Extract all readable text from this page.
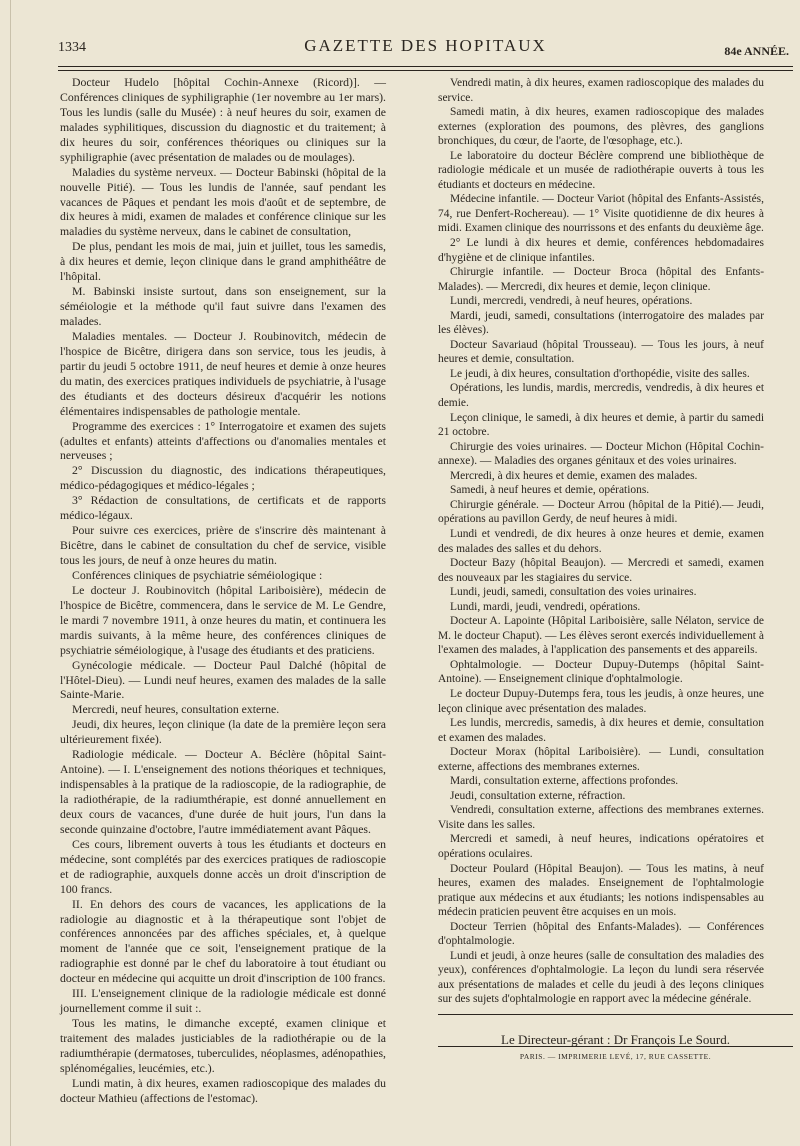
1334	GAZETTE DES HOPITAUX	84e ANNÉE.

Docteur Hudelo [hôpital Cochin-Annexe (Ricord)]. — Conférences cliniques de syphiligraphie (1er novembre au 1er mars). Tous les lundis (salle du Musée) : à neuf heures du soir, examen de malades syphilitiques, discussion du diagnostic et du traitement; à dix heures du soir, conférences théoriques ou cliniques sur la syphiligraphie (avec présentation de malades ou de moulages).

Maladies du système nerveux. — Docteur Babinski (hôpital de la nouvelle Pitié). — Tous les lundis de l'année, sauf pendant les vacances de Pâques et pendant les mois d'août et de septembre, de dix heures à midi, examen de malades et conférence clinique sur les maladies du système nerveux, dans le cabinet de consultation,

De plus, pendant les mois de mai, juin et juillet, tous les samedis, à dix heures et demie, leçon clinique dans le grand amphithéâtre de l'hôpital.

M. Babinski insiste surtout, dans son enseignement, sur la séméiologie et la méthode qu'il faut suivre dans l'examen des malades.

Maladies mentales. — Docteur J. Roubinovitch, médecin de l'hospice de Bicêtre, dirigera dans son service, tous les jeudis, à partir du jeudi 5 octobre 1911, de neuf heures et demie à onze heures du matin, des exercices pratiques individuels de psychiatrie, à l'usage des étudiants et des docteurs désireux d'acquérir les notions élémentaires indispensables de pathologie mentale.

Programme des exercices : 1° Interrogatoire et examen des sujets (adultes et enfants) atteints d'affections ou d'anomalies mentales et nerveuses ;

2° Discussion du diagnostic, des indications thérapeutiques, médico-pédagogiques et médico-légales ;

3° Rédaction de consultations, de certificats et de rapports médico-légaux.

Pour suivre ces exercices, prière de s'inscrire dès maintenant à Bicêtre, dans le cabinet de consultation du chef de service, visible tous les jours, de neuf à onze heures du matin.

Conférences cliniques de psychiatrie séméiologique :

Le docteur J. Roubinovitch (hôpital Lariboisière), médecin de l'hospice de Bicêtre, commencera, dans le service de M. Le Gendre, le mardi 7 novembre 1911, à onze heures du matin, et continuera les mardis suivants, à la même heure, des conférences cliniques de psychiatrie séméiologique, à l'usage des étudiants et des praticiens.

Gynécologie médicale. — Docteur Paul Dalché (hôpital de l'Hôtel-Dieu). — Lundi neuf heures, examen des malades de la salle Sainte-Marie.

Mercredi, neuf heures, consultation externe.

Jeudi, dix heures, leçon clinique (la date de la première leçon sera ultérieurement fixée).

Radiologie médicale. — Docteur A. Béclère (hôpital Saint-Antoine). — I. L'enseignement des notions théoriques et techniques, indispensables à la pratique de la radioscopie, de la radiographie, de la radiothérapie, de la radiumthérapie, est donné annuellement en deux cours de vacances, d'une durée de huit jours, l'un dans la seconde quinzaine d'octobre, l'autre immédiatement avant Pâques.

Ces cours, librement ouverts à tous les étudiants et docteurs en médecine, sont complétés par des exercices pratiques de radioscopie et de radiographie, auxquels donne accès un droit d'inscription de 100 francs.

II. En dehors des cours de vacances, les applications de la radiologie au diagnostic et à la thérapeutique sont l'objet de conférences annoncées par des affiches spéciales, et, à quelque moment de l'année que ce soit, l'enseignement pratique de la radiographie est donné par le chef du laboratoire à tout étudiant ou docteur en médecine qui acquitte un droit d'inscription de 100 francs.

III. L'enseignement clinique de la radiologie médicale est donné journellement comme il suit :.

Tous les matins, le dimanche excepté, examen clinique et traitement des malades justiciables de la radiothérapie ou de la radiumthérapie (dermatoses, tuberculides, néoplasmes, adénopathies, splénomégalies, leucémies, etc.).

Lundi matin, à dix heures, examen radioscopique des malades du docteur Mathieu (affections de l'estomac).

Vendredi matin, à dix heures, examen radioscopique des malades du service.

Samedi matin, à dix heures, examen radioscopique des malades externes (exploration des poumons, des plèvres, des ganglions bronchiques, du cœur, de l'aorte, de l'œsophage, etc.).

Le laboratoire du docteur Béclère comprend une bibliothèque de radiologie médicale et un musée de radiothérapie ouverts à tous les étudiants et docteurs en médecine.

Médecine infantile. — Docteur Variot (hôpital des Enfants-Assistés, 74, rue Denfert-Rochereau). — 1° Visite quotidienne de dix heures à midi. Examen clinique des nourrissons et des enfants du deuxième âge.

2° Le lundi à dix heures et demie, conférences hebdomadaires d'hygiène et de clinique infantiles.

Chirurgie infantile. — Docteur Broca (hôpital des Enfants-Malades). — Mercredi, dix heures et demie, leçon clinique.

Lundi, mercredi, vendredi, à neuf heures, opérations.

Mardi, jeudi, samedi, consultations (interrogatoire des malades par les élèves).

Docteur Savariaud (hôpital Trousseau). — Tous les jours, à neuf heures et demie, consultation.

Le jeudi, à dix heures, consultation d'orthopédie, visite des salles.

Opérations, les lundis, mardis, mercredis, vendredis, à dix heures et demie.

Leçon clinique, le samedi, à dix heures et demie, à partir du samedi 21 octobre.

Chirurgie des voies urinaires. — Docteur Michon (Hôpital Cochin-annexe). — Maladies des organes génitaux et des voies urinaires.

Mercredi, à dix heures et demie, examen des malades.

Samedi, à neuf heures et demie, opérations.

Chirurgie générale. — Docteur Arrou (hôpital de la Pitié).— Jeudi, opérations au pavillon Gerdy, de neuf heures à midi.

Lundi et vendredi, de dix heures à onze heures et demie, examen des malades des salles et du dehors.

Docteur Bazy (hôpital Beaujon). — Mercredi et samedi, examen des nouveaux par les stagiaires du service.

Lundi, jeudi, samedi, consultation des voies urinaires.

Lundi, mardi, jeudi, vendredi, opérations.

Docteur A. Lapointe (Hôpital Lariboisière, salle Nélaton, service de M. le docteur Chaput). — Les élèves seront exercés individuellement à l'examen des malades, à l'application des pansements et des appareils.

Ophtalmologie. — Docteur Dupuy-Dutemps (hôpital Saint-Antoine). — Enseignement clinique d'ophtalmologie.

Le docteur Dupuy-Dutemps fera, tous les jeudis, à onze heures, une leçon clinique avec présentation des malades.

Les lundis, mercredis, samedis, à dix heures et demie, consultation et examen des malades.

Docteur Morax (hôpital Lariboisière). — Lundi, consultation externe, affections des membranes externes.

Mardi, consultation externe, affections profondes.

Jeudi, consultation externe, réfraction.

Vendredi, consultation externe, affections des membranes externes. Visite dans les salles.

Mercredi et samedi, à neuf heures, indications opératoires et opérations oculaires.

Docteur Poulard (Hôpital Beaujon). — Tous les matins, à neuf heures, examen des malades. Enseignement de l'ophtalmologie pratique aux médecins et aux étudiants; les notions indispensables au médecin praticien peuvent être acquises en un mois.

Docteur Terrien (hôpital des Enfants-Malades). — Conférences d'ophtalmologie.

Lundi et jeudi, à onze heures (salle de consultation des maladies des yeux), conférences d'ophtalmologie. La leçon du lundi sera réservée aux présentations de malades et celle du jeudi à des leçons cliniques sur des sujets d'ophtalmologie en rapport avec la médecine générale.

Le Directeur-gérant : Dr François Le Sourd.
PARIS. — IMPRIMERIE LEVÉ, 17, RUE CASSETTE.
